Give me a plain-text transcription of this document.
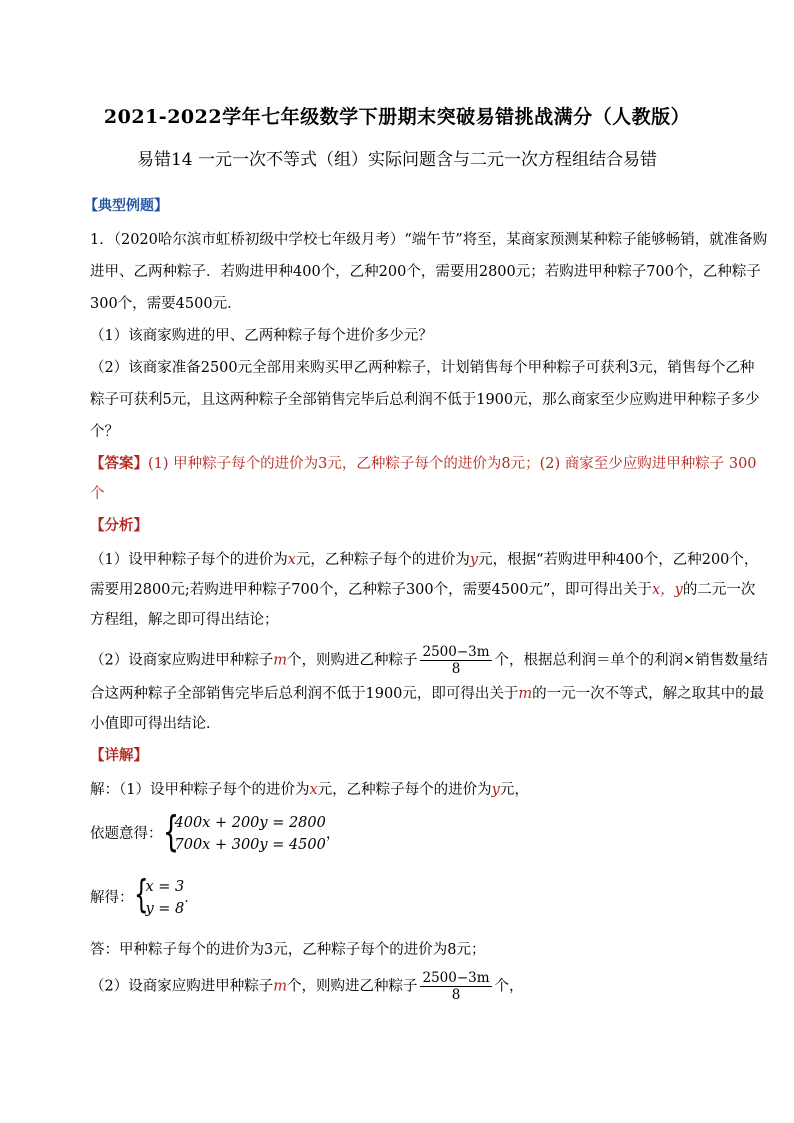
2021-2022学年七年级数学下册期末突破易错挑战满分（人教版）
易错14 一元一次不等式（组）实际问题含与二元一次方程组结合易错
【典型例题】
1．（2020哈尔滨市虹桥初级中学校七年级月考）“端午节”将至，某商家预测某种粽子能够畅销，就准备购
进甲、乙两种粽子．若购进甲种400个，乙种200个，需要用2800元；若购进甲种粽子700个，乙种粽子
300个，需要4500元．
（1）该商家购进的甲、乙两种粽子每个进价多少元？
（2）该商家准备2500元全部用来购买甲乙两种粽子，计划销售每个甲种粽子可获利3元，销售每个乙种
粽子可获利5元，且这两种粽子全部销售完毕后总利润不低于1900元，那么商家至少应购进甲种粽子多少
个？
【答案】(1) 甲种粽子每个的进价为3元，乙种粽子每个的进价为8元；(2) 商家至少应购进甲种粽子 300
个
【分析】
（1）设甲种粽子每个的进价为x元，乙种粽子每个的进价为y元，根据“若购进甲种400个，乙种200个，
需要用2800元;若购进甲种粽子700个，乙种粽子300个，需要4500元”，即可得出关于x，y的二元一次
方程组，解之即可得出结论；
（2）设商家应购进甲种粽子m个，则购进乙种粽子 $\frac{2500-3m}{8}$ 个，根据总利润＝单个的利润×销售数量结
合这两种粽子全部销售完毕后总利润不低于1900元，即可得出关于m的一元一次不等式，解之取其中的最
小值即可得出结论．
【详解】
解：（1）设甲种粽子每个的进价为x元，乙种粽子每个的进价为y元，
依题意得： {
400x + 200y = 2800
700x + 300y = 4500
，
解得： {
x = 3
y = 8
．
答：甲种粽子每个的进价为3元，乙种粽子每个的进价为8元；
（2）设商家应购进甲种粽子m个，则购进乙种粽子 $\frac{2500-3m}{8}$ 个，
